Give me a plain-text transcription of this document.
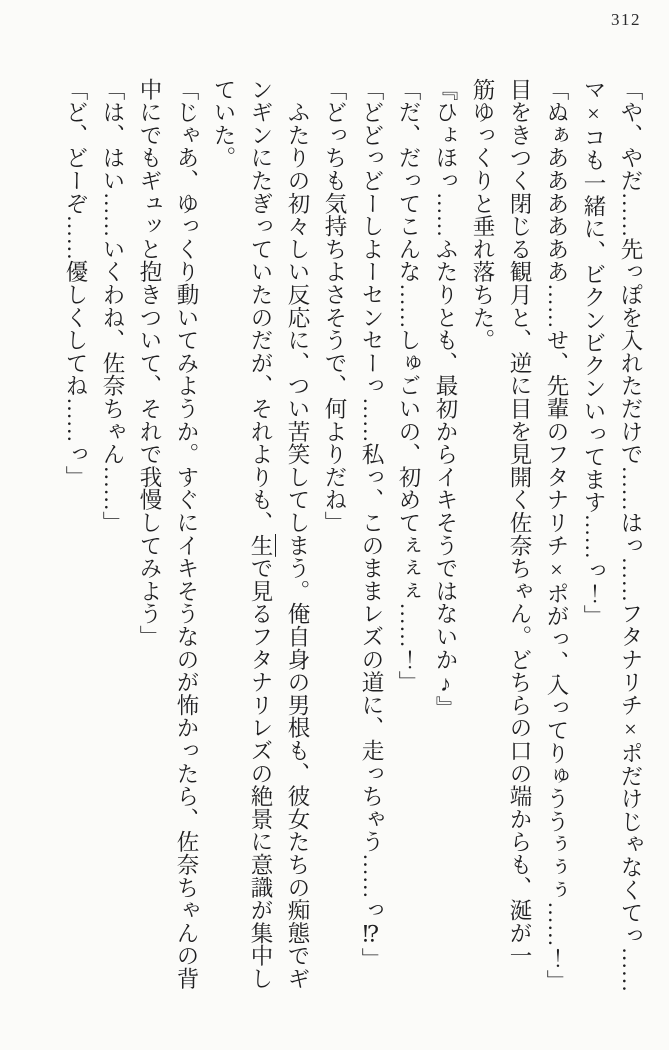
312

「や、やだ……先っぽを入れただけで……はっ……フタナリチ×ポだけじゃなくてっ……

マ×コも一緒に、ビクンビクンいってます……っ！」

「ぬぁああああああ……せ、先輩のフタナリチ×ポがっ、入ってりゅううぅぅぅ……！」

目をきつく閉じる観月と、逆に目を見開く佐奈ちゃん。どちらの口の端からも、涎が一

筋ゆっくりと垂れ落ちた。

『ひょほっ……ふたりとも、最初からイキそうではないか♪』

「だ、だってこんな……しゅごいの、初めてぇぇぇ……！」

「どどっどーしよーセンセーっ……私っ、このままレズの道に、走っちゃう……っ⁉」

「どっちも気持ちよさそうで、何よりだね」

　ふたりの初々しい反応に、つい苦笑してしまう。俺自身の男根も、彼女たちの痴態でギ

ンギンにたぎっていたのだが、それよりも、生で見るフタナリレズの絶景に意識が集中し

ていた。

「じゃあ、ゆっくり動いてみようか。すぐにイキそうなのが怖かったら、佐奈ちゃんの背

中にでもギュッと抱きついて、それで我慢してみよう」

「は、はい……いくわね、佐奈ちゃん……」

「ど、どーぞ……優しくしてね……っ」
